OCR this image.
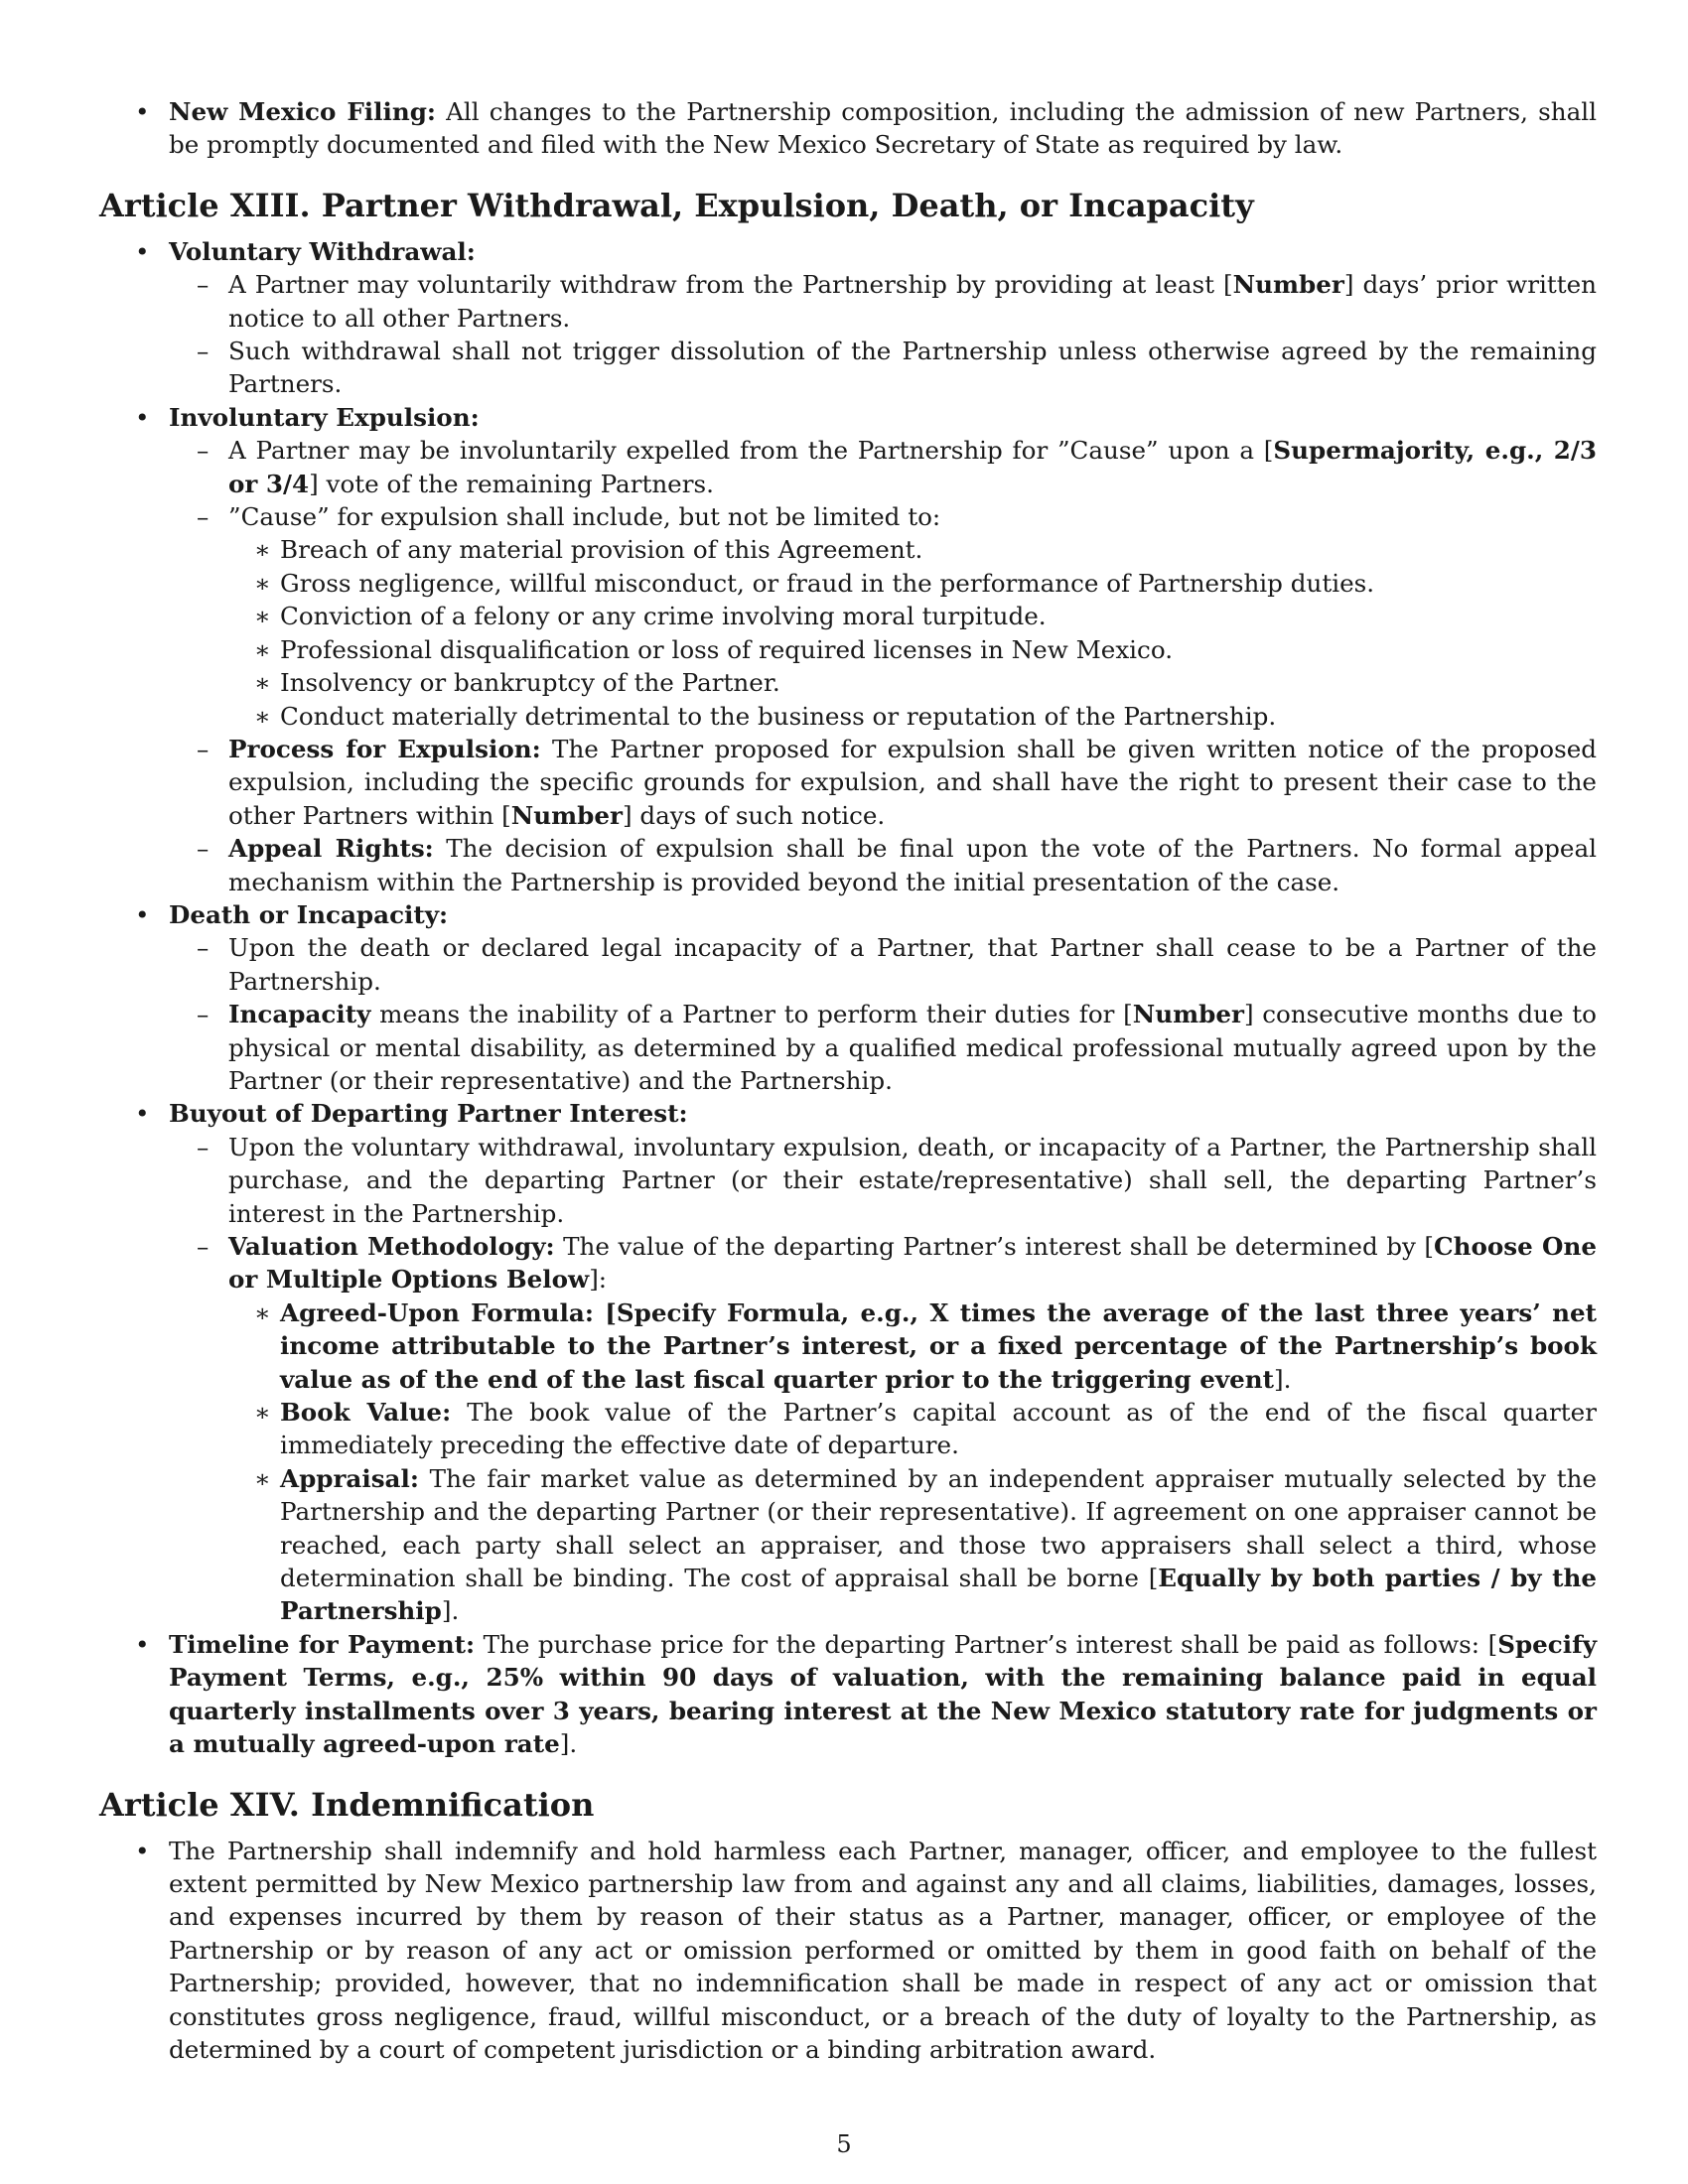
• New Mexico Filing: All changes to the Partnership composition, including the admission of new Partners, shall be promptly documented and filed with the New Mexico Secretary of State as required by law.
Article XIII. Partner Withdrawal, Expulsion, Death, or Incapacity
• Voluntary Withdrawal:
– A Partner may voluntarily withdraw from the Partnership by providing at least [Number] days’ prior written notice to all other Partners.
– Such withdrawal shall not trigger dissolution of the Partnership unless otherwise agreed by the remaining Partners.
• Involuntary Expulsion:
– A Partner may be involuntarily expelled from the Partnership for ”Cause” upon a [Supermajority, e.g., 2/3 or 3/4] vote of the remaining Partners.
– ”Cause” for expulsion shall include, but not be limited to:
∗ Breach of any material provision of this Agreement.
∗ Gross negligence, willful misconduct, or fraud in the performance of Partnership duties.
∗ Conviction of a felony or any crime involving moral turpitude.
∗ Professional disqualification or loss of required licenses in New Mexico.
∗ Insolvency or bankruptcy of the Partner.
∗ Conduct materially detrimental to the business or reputation of the Partnership.
– Process for Expulsion: The Partner proposed for expulsion shall be given written notice of the proposed expulsion, including the specific grounds for expulsion, and shall have the right to present their case to the other Partners within [Number] days of such notice.
– Appeal Rights: The decision of expulsion shall be final upon the vote of the Partners. No formal appeal mechanism within the Partnership is provided beyond the initial presentation of the case.
• Death or Incapacity:
– Upon the death or declared legal incapacity of a Partner, that Partner shall cease to be a Partner of the Partnership.
– Incapacity means the inability of a Partner to perform their duties for [Number] consecutive months due to physical or mental disability, as determined by a qualified medical professional mutually agreed upon by the Partner (or their representative) and the Partnership.
• Buyout of Departing Partner Interest:
– Upon the voluntary withdrawal, involuntary expulsion, death, or incapacity of a Partner, the Partnership shall purchase, and the departing Partner (or their estate/representative) shall sell, the departing Partner’s interest in the Partnership.
– Valuation Methodology: The value of the departing Partner’s interest shall be determined by [Choose One or Multiple Options Below]:
∗ Agreed-Upon Formula: [Specify Formula, e.g., X times the average of the last three years’ net income attributable to the Partner’s interest, or a fixed percentage of the Partnership’s book value as of the end of the last fiscal quarter prior to the triggering event].
∗ Book Value: The book value of the Partner’s capital account as of the end of the fiscal quarter immediately preceding the effective date of departure.
∗ Appraisal: The fair market value as determined by an independent appraiser mutually selected by the Partnership and the departing Partner (or their representative). If agreement on one appraiser cannot be reached, each party shall select an appraiser, and those two appraisers shall select a third, whose determination shall be binding. The cost of appraisal shall be borne [Equally by both parties / by the Partnership].
• Timeline for Payment: The purchase price for the departing Partner’s interest shall be paid as follows: [Specify Payment Terms, e.g., 25% within 90 days of valuation, with the remaining balance paid in equal quarterly installments over 3 years, bearing interest at the New Mexico statutory rate for judgments or a mutually agreed-upon rate].
Article XIV. Indemnification
• The Partnership shall indemnify and hold harmless each Partner, manager, officer, and employee to the fullest extent permitted by New Mexico partnership law from and against any and all claims, liabilities, damages, losses, and expenses incurred by them by reason of their status as a Partner, manager, officer, or employee of the Partnership or by reason of any act or omission performed or omitted by them in good faith on behalf of the Partnership; provided, however, that no indemnification shall be made in respect of any act or omission that constitutes gross negligence, fraud, willful misconduct, or a breach of the duty of loyalty to the Partnership, as determined by a court of competent jurisdiction or a binding arbitration award.
5
